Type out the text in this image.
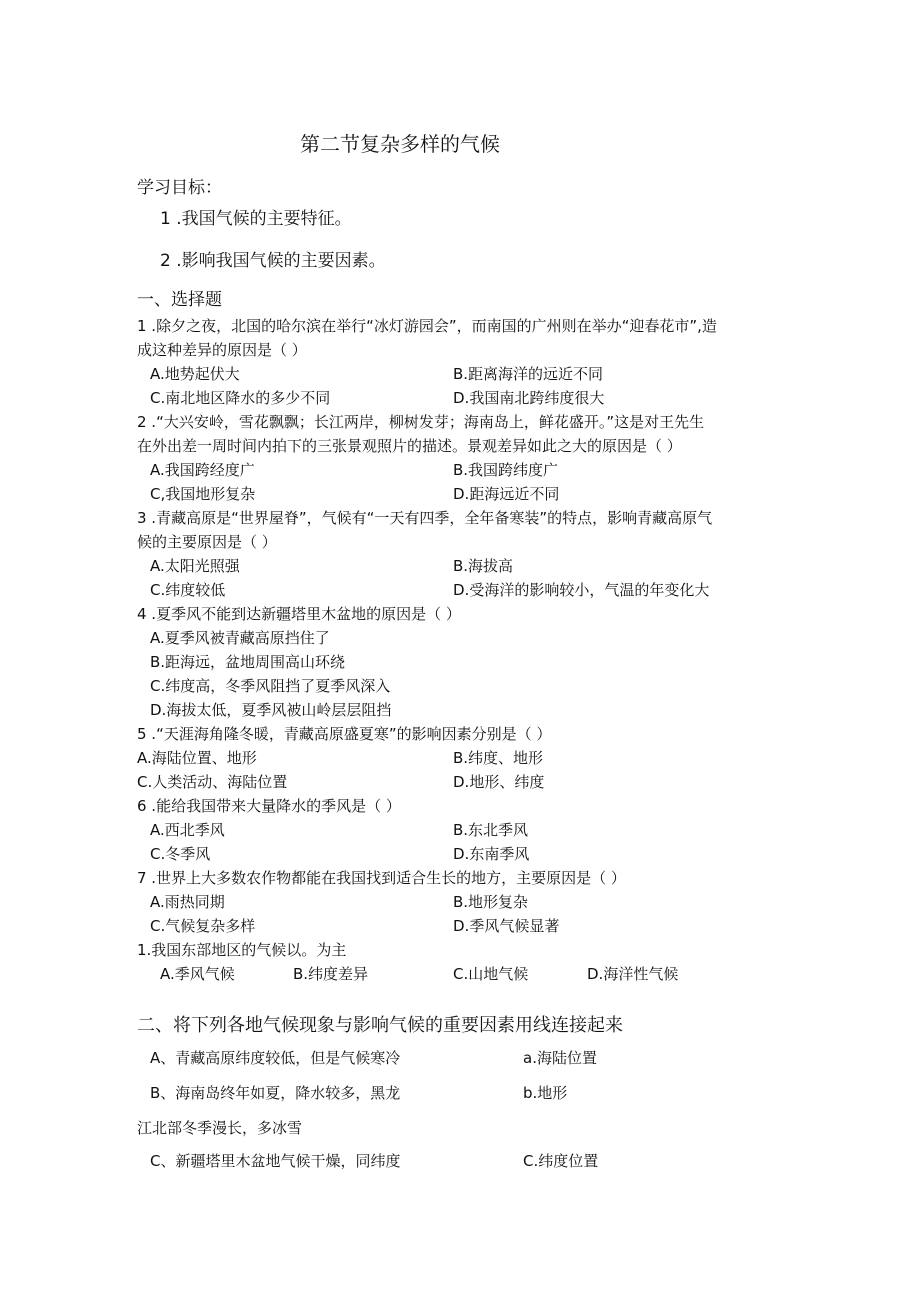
第二节复杂多样的气候
学习目标：
1 .我国气候的主要特征。
2 .影响我国气候的主要因素。
一、选择题
1 .除夕之夜，北国的哈尔滨在举行“冰灯游园会”，而南国的广州则在举办“迎春花市”,造
成这种差异的原因是（ ）
A.地势起伏大	B.距离海洋的远近不同
C.南北地区降水的多少不同	D.我国南北跨纬度很大
2 .“大兴安岭，雪花飘飘；长江两岸，柳树发芽；海南岛上，鲜花盛开。”这是对王先生
在外出差一周时间内拍下的三张景观照片的描述。景观差异如此之大的原因是（ ）
A.我国跨经度广	B.我国跨纬度广
C,我国地形复杂	D.距海远近不同
3 .青藏高原是“世界屋脊”，气候有“一天有四季，全年备寒装”的特点，影响青藏高原气
候的主要原因是（ ）
A.太阳光照强	B.海拔高
C.纬度较低	D.受海洋的影响较小，气温的年变化大
4 .夏季风不能到达新疆塔里木盆地的原因是（ ）
A.夏季风被青藏高原挡住了
B.距海远，盆地周围高山环绕
C.纬度高，冬季风阻挡了夏季风深入
D.海拔太低，夏季风被山岭层层阻挡
5 .“天涯海角隆冬暖，青藏高原盛夏寒”的影响因素分别是（ ）
A.海陆位置、地形	B.纬度、地形
C.人类活动、海陆位置	D.地形、纬度
6 .能给我国带来大量降水的季风是（ ）
A.西北季风	B.东北季风
C.冬季风	D.东南季风
7 .世界上大多数农作物都能在我国找到适合生长的地方，主要原因是（ ）
A.雨热同期	B.地形复杂
C.气候复杂多样	D.季风气候显著
1.我国东部地区的气候以。为主
A.季风气候	B.纬度差异	C.山地气候	D.海洋性气候
二、将下列各地气候现象与影响气候的重要因素用线连接起来
A、青藏高原纬度较低，但是气候寒冷	a.海陆位置
B、海南岛终年如夏，降水较多，黑龙	b.地形
江北部冬季漫长，多冰雪
C、新疆塔里木盆地气候干燥，同纬度	C.纬度位置
